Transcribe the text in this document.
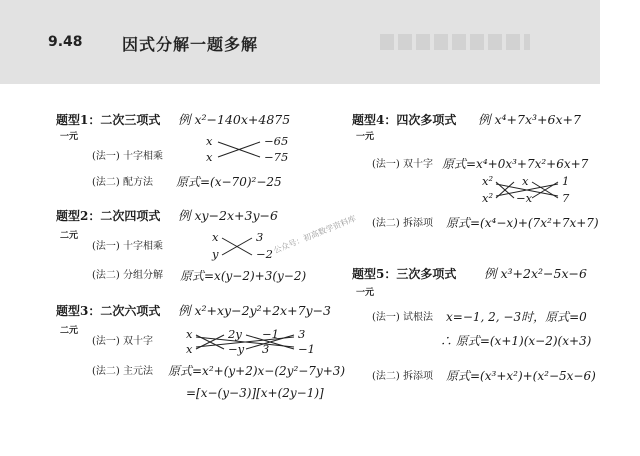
9.48 因式分解一题多解
题型1：二次三项式 例 x²−140x+4875
一元	x
x
−65
−75
(法一) 十字相乘
(法二) 配方法 原式=(x−70)²−25
题型2：二次四项式 例 xy−2x+3y−6
二元	x
y
3
−2
(法一) 十字相乘
(法二) 分组分解 原式=x(y−2)+3(y−2)
题型3：二次六项式 例 x²+xy−2y²+2x+7y−3
二元
(法一) 双十字
x
x
2y
−y
−1
3
3
−1
(法二) 主元法 原式=x²+(y+2)x−(2y²−7y+3)
=[x−(y−3)][x+(2y−1)]
题型4：四次多项式 例 x⁴+7x³+6x+7
一元
(法一) 双十字 原式=x⁴+0x³+7x²+6x+7
x²
x²
x
−x
1
7
(法二) 拆添项 原式=(x⁴−x)+(7x²+7x+7)
题型5：三次多项式 例 x³+2x²−5x−6
一元
(法一) 试根法 x=−1, 2, −3时，原式=0
∴ 原式=(x+1)(x−2)(x+3)
(法二) 拆添项 原式=(x³+x²)+(x²−5x−6)
公众号：初高数学资料库
